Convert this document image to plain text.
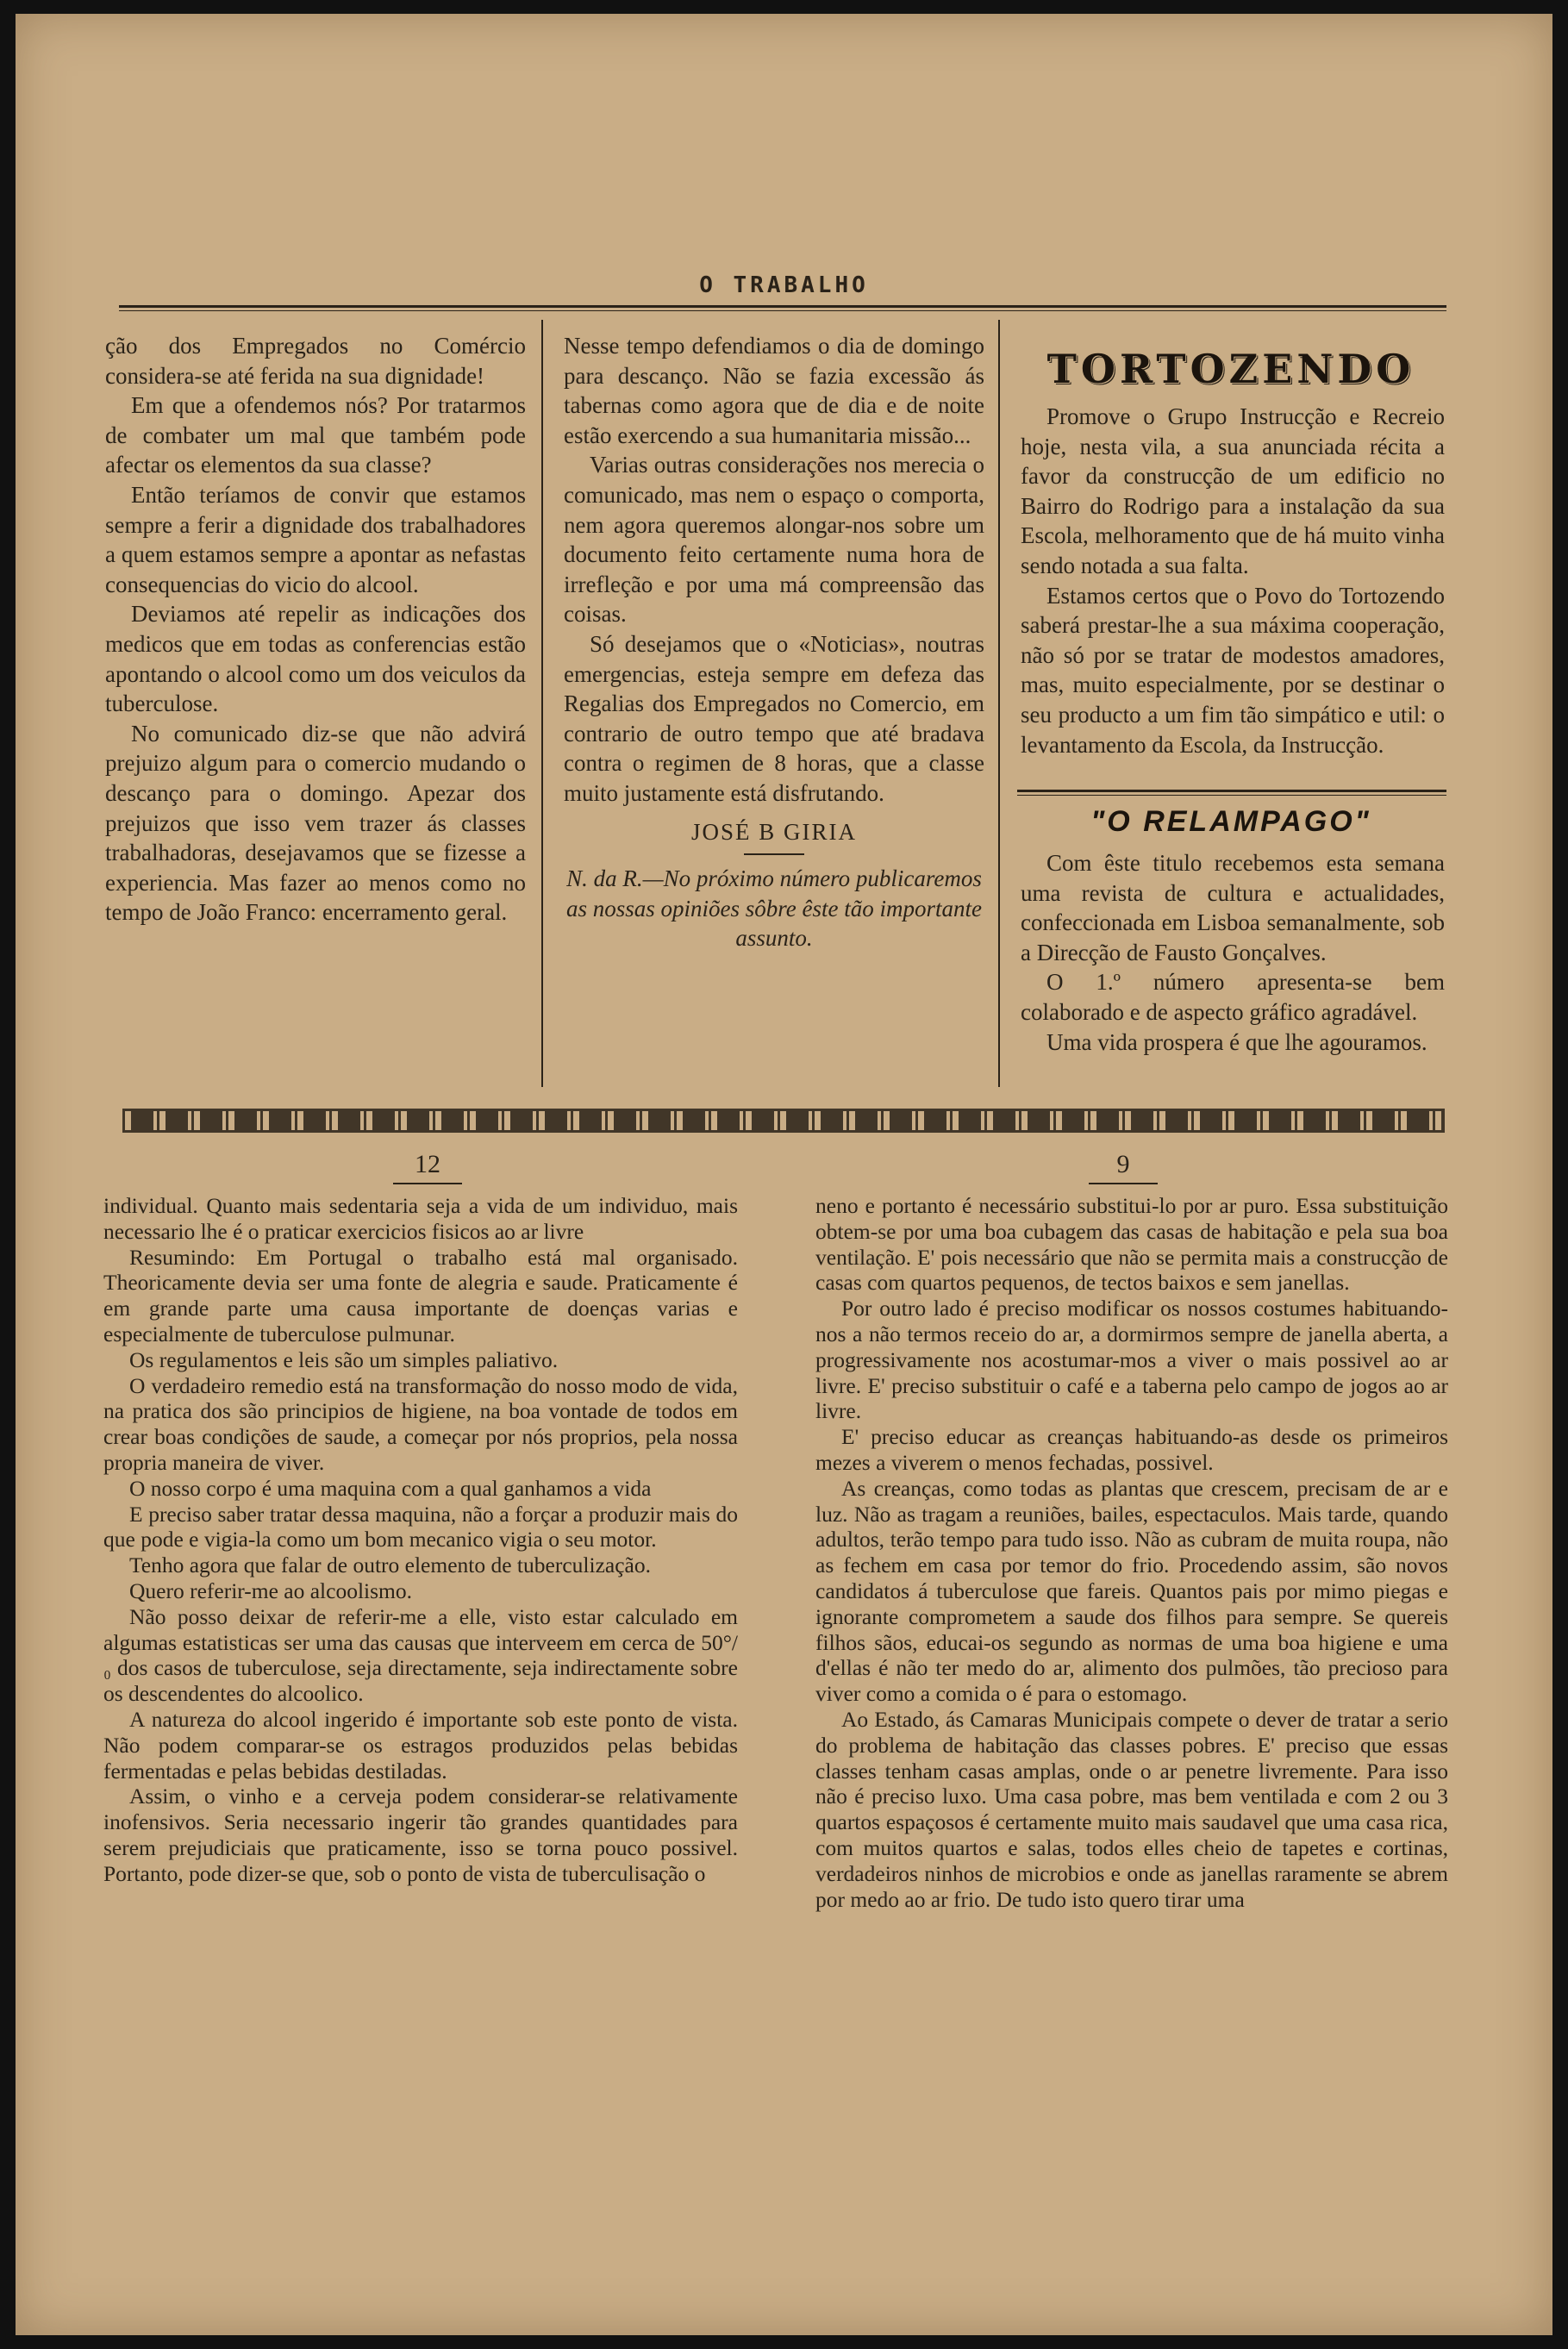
O TRABALHO

ção dos Empregados no Comércio considera-se até ferida na sua dignidade!

Em que a ofendemos nós? Por tratarmos de combater um mal que também pode afectar os elementos da sua classe?

Então teríamos de convir que estamos sempre a ferir a dignidade dos trabalhadores a quem estamos sempre a apontar as nefastas consequencias do vicio do alcool.

Deviamos até repelir as indicações dos medicos que em todas as conferencias estão apontando o alcool como um dos veiculos da tuberculose.

No comunicado diz-se que não advirá prejuizo algum para o comercio mudando o descanço para o domingo. Apezar dos prejuizos que isso vem trazer ás classes trabalhadoras, desejavamos que se fizesse a experiencia. Mas fazer ao menos como no tempo de João Franco: encerramento geral.

Nesse tempo defendiamos o dia de domingo para descanço. Não se fazia excessão ás tabernas como agora que de dia e de noite estão exercendo a sua humanitaria missão...

Varias outras considerações nos merecia o comunicado, mas nem o espaço o comporta, nem agora queremos alongar-nos sobre um documento feito certamente numa hora de irrefleção e por uma má compreensão das coisas.

Só desejamos que o «Noticias», noutras emergencias, esteja sempre em defeza das Regalias dos Empregados no Comercio, em contrario de outro tempo que até bradava contra o regimen de 8 horas, que a classe muito justamente está disfrutando.

JOSÉ B GIRIA

N. da R.—No próximo número publicaremos as nossas opiniões sôbre êste tão importante assunto.

TORTOZENDO

Promove o Grupo Instrucção e Recreio hoje, nesta vila, a sua anunciada récita a favor da construcção de um edificio no Bairro do Rodrigo para a instalação da sua Escola, melhoramento que de há muito vinha sendo notada a sua falta.

Estamos certos que o Povo do Tortozendo saberá prestar-lhe a sua máxima cooperação, não só por se tratar de modestos amadores, mas, muito especialmente, por se destinar o seu producto a um fim tão simpático e util: o levantamento da Escola, da Instrucção.

"O RELAMPAGO"

Com êste titulo recebemos esta semana uma revista de cultura e actualidades, confeccionada em Lisboa semanalmente, sob a Direcção de Fausto Gonçalves.

O 1.º número apresenta-se bem colaborado e de aspecto gráfico agradável.

Uma vida prospera é que lhe agouramos.

12

individual. Quanto mais sedentaria seja a vida de um individuo, mais necessario lhe é o praticar exercicios fisicos ao ar livre

Resumindo: Em Portugal o trabalho está mal organisado. Theoricamente devia ser uma fonte de alegria e saude. Praticamente é em grande parte uma causa importante de doenças varias e especialmente de tuberculose pulmunar.

Os regulamentos e leis são um simples paliativo.

O verdadeiro remedio está na transformação do nosso modo de vida, na pratica dos são principios de higiene, na boa vontade de todos em crear boas condições de saude, a começar por nós proprios, pela nossa propria maneira de viver.

O nosso corpo é uma maquina com a qual ganhamos a vida

E preciso saber tratar dessa maquina, não a forçar a produzir mais do que pode e vigia-la como um bom mecanico vigia o seu motor.

Tenho agora que falar de outro elemento de tuberculização.

Quero referir-me ao alcoolismo.

Não posso deixar de referir-me a elle, visto estar calculado em algumas estatisticas ser uma das causas que interveem em cerca de 50°/₀ dos casos de tuberculose, seja directamente, seja indirectamente sobre os descendentes do alcoolico.

A natureza do alcool ingerido é importante sob este ponto de vista. Não podem comparar-se os estragos produzidos pelas bebidas fermentadas e pelas bebidas destiladas.

Assim, o vinho e a cerveja podem considerar-se relativamente inofensivos. Seria necessario ingerir tão grandes quantidades para serem prejudiciais que praticamente, isso se torna pouco possivel. Portanto, pode dizer-se que, sob o ponto de vista de tuberculisação o

9

neno e portanto é necessário substitui-lo por ar puro. Essa substituição obtem-se por uma boa cubagem das casas de habitação e pela sua boa ventilação. E' pois necessário que não se permita mais a construcção de casas com quartos pequenos, de tectos baixos e sem janellas.

Por outro lado é preciso modificar os nossos costumes habituando-nos a não termos receio do ar, a dormirmos sempre de janella aberta, a progressivamente nos acostumar-mos a viver o mais possivel ao ar livre. E' preciso substituir o café e a taberna pelo campo de jogos ao ar livre.

E' preciso educar as creanças habituando-as desde os primeiros mezes a viverem o menos fechadas, possivel.

As creanças, como todas as plantas que crescem, precisam de ar e luz. Não as tragam a reuniões, bailes, espectaculos. Mais tarde, quando adultos, terão tempo para tudo isso. Não as cubram de muita roupa, não as fechem em casa por temor do frio. Procedendo assim, são novos candidatos á tuberculose que fareis. Quantos pais por mimo piegas e ignorante comprometem a saude dos filhos para sempre. Se quereis filhos sãos, educai-os segundo as normas de uma boa higiene e uma d'ellas é não ter medo do ar, alimento dos pulmões, tão precioso para viver como a comida o é para o estomago.

Ao Estado, ás Camaras Municipais compete o dever de tratar a serio do problema de habitação das classes pobres. E' preciso que essas classes tenham casas amplas, onde o ar penetre livremente. Para isso não é preciso luxo. Uma casa pobre, mas bem ventilada e com 2 ou 3 quartos espaçosos é certamente muito mais saudavel que uma casa rica, com muitos quartos e salas, todos elles cheio de tapetes e cortinas, verdadeiros ninhos de microbios e onde as janellas raramente se abrem por medo ao ar frio. De tudo isto quero tirar uma
